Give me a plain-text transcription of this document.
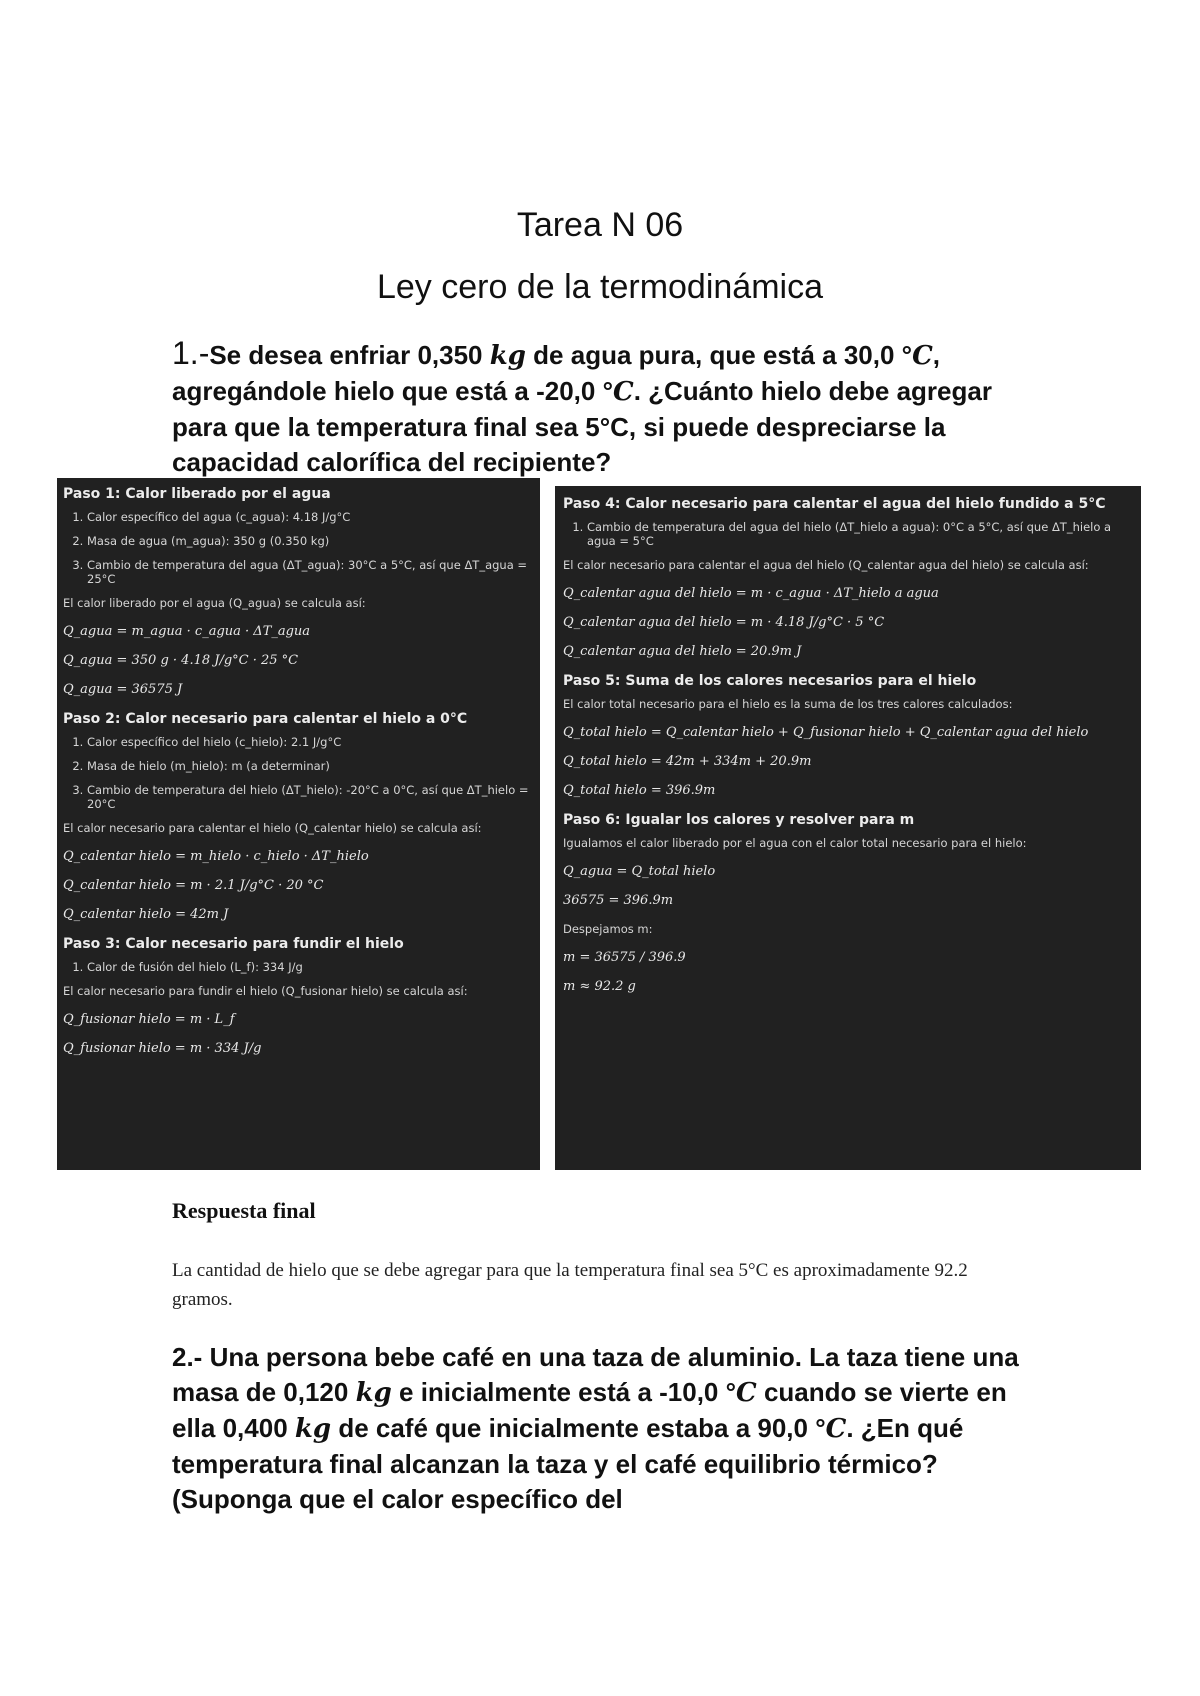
Tarea N 06
Ley cero de la termodinámica
1.-Se desea enfriar 0,350 kg de agua pura, que está a 30,0 °C, agregándole hielo que está a -20,0 °C. ¿Cuánto hielo debe agregar para que la temperatura final sea 5°C, si puede despreciarse la capacidad calorífica del recipiente?
Paso 1: Calor liberado por el agua
1. Calor específico del agua (c_agua): 4.18 J/g°C
2. Masa de agua (m_agua): 350 g (0.350 kg)
3. Cambio de temperatura del agua (ΔT_agua): 30°C a 5°C, así que ΔT_agua = 25°C

El calor liberado por el agua (Q_agua) se calcula así:

Q_agua = m_agua · c_agua · ΔT_agua

Q_agua = 350 g · 4.18 J/g°C · 25 °C

Q_agua = 36575 J

Paso 2: Calor necesario para calentar el hielo a 0°C
1. Calor específico del hielo (c_hielo): 2.1 J/g°C
2. Masa de hielo (m_hielo): m (a determinar)
3. Cambio de temperatura del hielo (ΔT_hielo): -20°C a 0°C, así que ΔT_hielo = 20°C

El calor necesario para calentar el hielo (Q_calentar hielo) se calcula así:

Q_calentar hielo = m_hielo · c_hielo · ΔT_hielo

Q_calentar hielo = m · 2.1 J/g°C · 20 °C

Q_calentar hielo = 42m J

Paso 3: Calor necesario para fundir el hielo
1. Calor de fusión del hielo (L_f): 334 J/g

El calor necesario para fundir el hielo (Q_fusionar hielo) se calcula así:

Q_fusionar hielo = m · L_f

Q_fusionar hielo = m · 334 J/g

Paso 4: Calor necesario para calentar el agua del hielo fundido a 5°C
1. Cambio de temperatura del agua del hielo (ΔT_hielo a agua): 0°C a 5°C, así que ΔT_hielo a agua = 5°C

El calor necesario para calentar el agua del hielo (Q_calentar agua del hielo) se calcula así:

Q_calentar agua del hielo = m · c_agua · ΔT_hielo a agua

Q_calentar agua del hielo = m · 4.18 J/g°C · 5 °C

Q_calentar agua del hielo = 20.9m J

Paso 5: Suma de los calores necesarios para el hielo

El calor total necesario para el hielo es la suma de los tres calores calculados:

Q_total hielo = Q_calentar hielo + Q_fusionar hielo + Q_calentar agua del hielo

Q_total hielo = 42m + 334m + 20.9m

Q_total hielo = 396.9m

Paso 6: Igualar los calores y resolver para m

Igualamos el calor liberado por el agua con el calor total necesario para el hielo:

Q_agua = Q_total hielo

36575 = 396.9m

Despejamos m:

m = 36575 / 396.9

m ≈ 92.2 g

Respuesta final
La cantidad de hielo que se debe agregar para que la temperatura final sea 5°C es aproximadamente 92.2 gramos.
2.- Una persona bebe café en una taza de aluminio. La taza tiene una masa de 0,120 kg e inicialmente está a -10,0 °C cuando se vierte en ella 0,400 kg de café que inicialmente estaba a 90,0 °C. ¿En qué temperatura final alcanzan la taza y el café equilibrio térmico? (Suponga que el calor específico del
